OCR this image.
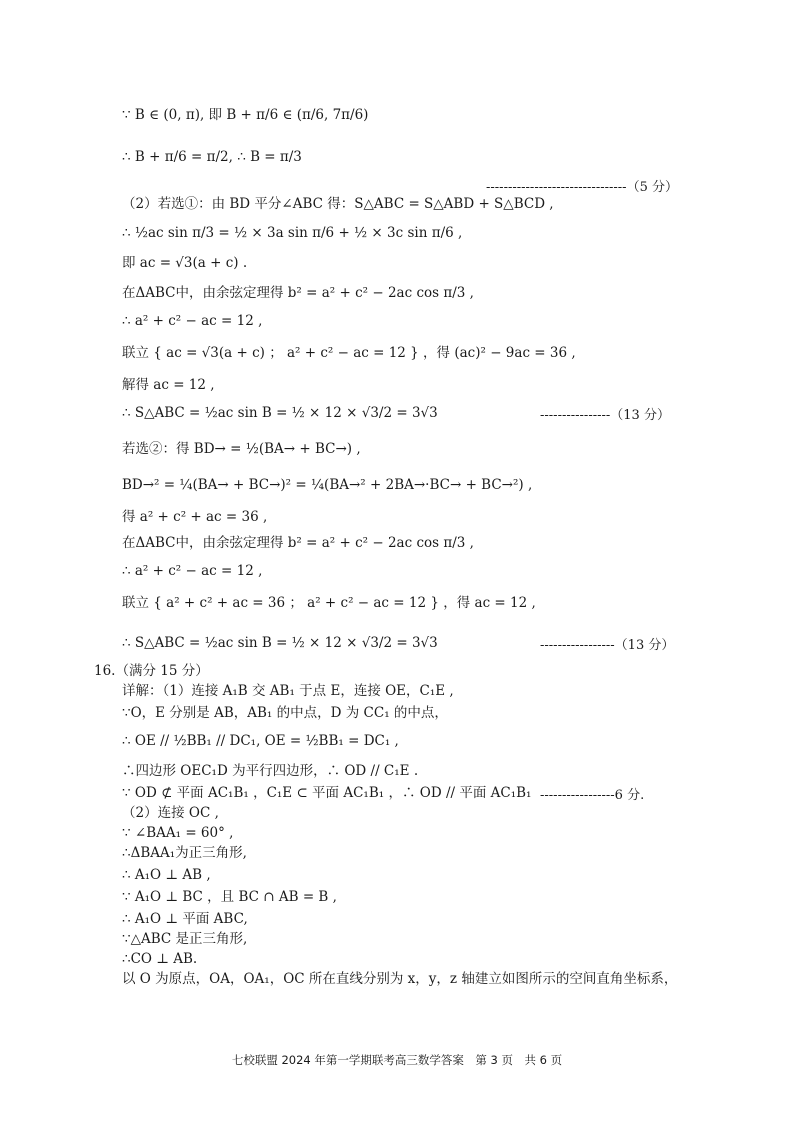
∵ B ∈ (0, π), 即 B + π/6 ∈ (π/6, 7π/6)
∴ B + π/6 = π/2, ∴ B = π/3
--------------------------------（5 分）
（2）若选①：由 BD 平分∠ABC 得：S△ABC = S△ABD + S△BCD ,
∴ ½ac sin π/3 = ½ × 3a sin π/6 + ½ × 3c sin π/6 ,
即 ac = √3(a + c) .
在ΔABC中，由余弦定理得 b² = a² + c² − 2ac cos π/3 ,
∴ a² + c² − ac = 12 ,
联立 { ac = √3(a + c) ； a² + c² − ac = 12 } ，得 (ac)² − 9ac = 36 ,
解得 ac = 12 ,
∴ S△ABC = ½ac sin B = ½ × 12 × √3/2 = 3√3	----------------（13 分）
若选②：得 BD→ = ½(BA→ + BC→) ,
BD→² = ¼(BA→ + BC→)² = ¼(BA→² + 2BA→·BC→ + BC→²) ,
得 a² + c² + ac = 36 ,
在ΔABC中，由余弦定理得 b² = a² + c² − 2ac cos π/3 ,
∴ a² + c² − ac = 12 ,
联立 { a² + c² + ac = 36 ； a² + c² − ac = 12 } ，得 ac = 12 ,
∴ S△ABC = ½ac sin B = ½ × 12 × √3/2 = 3√3	-----------------（13 分）
16.（满分 15 分）
详解：（1）连接 A₁B 交 AB₁ 于点 E，连接 OE，C₁E ,
∵O，E 分别是 AB，AB₁ 的中点，D 为 CC₁ 的中点，
∴ OE // ½BB₁ // DC₁, OE = ½BB₁ = DC₁ ,
∴四边形 OEC₁D 为平行四边形，∴ OD // C₁E .
∵ OD ⊄ 平面 AC₁B₁ ，C₁E ⊂ 平面 AC₁B₁ ，∴ OD // 平面 AC₁B₁ -----------------6 分.
（2）连接 OC ,
∵ ∠BAA₁ = 60° ,
∴ΔBAA₁为正三角形,
∴ A₁O ⊥ AB ,
∵ A₁O ⊥ BC ，且 BC ∩ AB = B ,
∴ A₁O ⊥ 平面 ABC,
∵△ABC 是正三角形,
∴CO ⊥ AB.
以 O 为原点，OA，OA₁，OC 所在直线分别为 x，y，z 轴建立如图所示的空间直角坐标系，
七校联盟 2024 年第一学期联考高三数学答案　第 3 页　共 6 页
